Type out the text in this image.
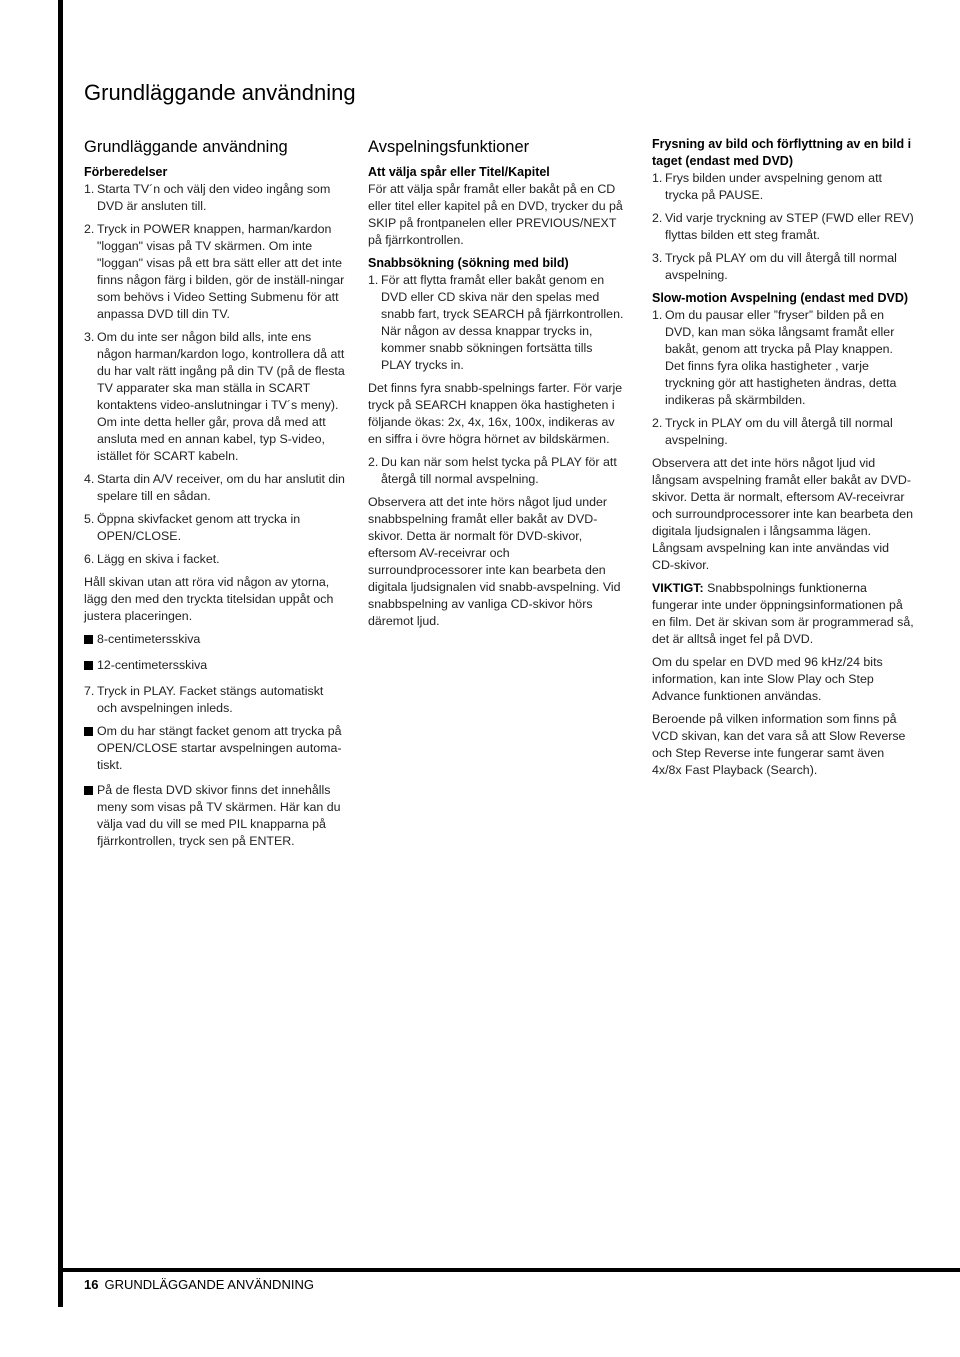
Grundläggande användning
Grundläggande användning
Förberedelser
1. Starta TV´n och välj den video ingång som DVD är ansluten till.
2. Tryck in POWER knappen, harman/kardon "loggan" visas på TV skärmen. Om inte "loggan" visas på ett bra sätt eller att det inte finns någon färg i bilden, gör de inställ-ningar som behövs i Video Setting Submenu för att anpassa DVD till din TV.
3. Om du inte ser någon bild alls, inte ens någon harman/kardon logo, kontrollera då att du har valt rätt ingång på din TV (på de flesta TV apparater ska man ställa in SCART kontaktens video-anslutningar i TV´s meny). Om inte detta heller går, prova då med att ansluta med en annan kabel, typ S-video, istället för SCART kabeln.
4. Starta din A/V receiver, om du har anslutit din spelare till en sådan.
5. Öppna skivfacket genom att trycka in OPEN/CLOSE.
6. Lägg en skiva i facket.

Håll skivan utan att röra vid någon av ytorna, lägg den med den tryckta titelsidan uppåt och justera placeringen.

8-centimetersskiva
12-centimetersskiva
7. Tryck in PLAY. Facket stängs automatiskt och avspelningen inleds.
Om du har stängt facket genom att trycka på OPEN/CLOSE startar avspelningen automa-tiskt.
På de flesta DVD skivor finns det innehålls meny som visas på TV skärmen. Här kan du välja vad du vill se med PIL knapparna på fjärrkontrollen, tryck sen på ENTER.
Avspelningsfunktioner
Att välja spår eller Titel/Kapitel

För att välja spår framåt eller bakåt på en CD eller titel eller kapitel på en DVD, trycker du på SKIP på frontpanelen eller PREVIOUS/NEXT på fjärrkontrollen.

Snabbsökning (sökning med bild)
1. För att flytta framåt eller bakåt genom en DVD eller CD skiva när den spelas med snabb fart, tryck SEARCH på fjärrkontrollen. När någon av dessa knappar trycks in, kommer snabb sökningen fortsätta tills PLAY trycks in.

Det finns fyra snabb-spelnings farter. För varje tryck på SEARCH knappen öka hastigheten i följande ökas: 2x, 4x, 16x, 100x, indikeras av en siffra i övre högra hörnet av bildskärmen.

2. Du kan när som helst tycka på PLAY för att återgå till normal avspelning.

Observera att det inte hörs något ljud under snabbspelning framåt eller bakåt av DVD-skivor. Detta är normalt för DVD-skivor, eftersom AV-receivrar och surroundprocessorer inte kan bearbeta den digitala ljudsignalen vid snabb-avspelning. Vid snabbspelning av vanliga CD-skivor hörs däremot ljud.

Frysning av bild och förflyttning av en bild i taget (endast med DVD)
1. Frys bilden under avspelning genom att trycka på PAUSE.
2. Vid varje tryckning av STEP (FWD eller REV) flyttas bilden ett steg framåt.
3. Tryck på PLAY om du vill återgå till normal avspelning.
Slow-motion Avspelning (endast med DVD)
1. Om du pausar eller ”fryser” bilden på en DVD, kan man söka långsamt framåt eller bakåt, genom att trycka på Play knappen. Det finns fyra olika hastigheter , varje tryckning gör att hastigheten ändras, detta indikeras på skärmbilden.
2. Tryck in PLAY om du vill återgå till normal avspelning.

Observera att det inte hörs något ljud vid långsam avspelning framåt eller bakåt av DVD-skivor. Detta är normalt, eftersom AV-receivrar och surroundprocessorer inte kan bearbeta den digitala ljudsignalen i långsamma lägen. Långsam avspelning kan inte användas vid CD-skivor.

VIKTIGT: Snabbspolnings funktionerna fungerar inte under öppningsinformationen på en film. Det är skivan som är programmerad så, det är alltså inget fel på DVD.

Om du spelar en DVD med 96 kHz/24 bits information, kan inte Slow Play och Step Advance funktionen användas.

Beroende på vilken information som finns på VCD skivan, kan det vara så att Slow Reverse och Step Reverse inte fungerar samt även 4x/8x Fast Playback (Search).

16 GRUNDLÄGGANDE ANVÄNDNING
